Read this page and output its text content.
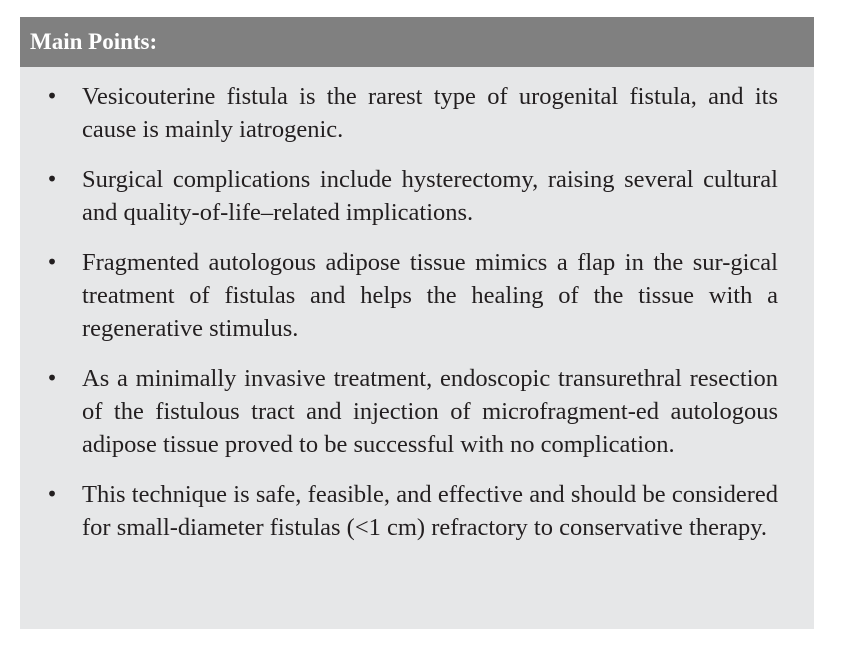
Main Points:
• Vesicouterine fistula is the rarest type of urogenital fistula, and its cause is mainly iatrogenic.
• Surgical complications include hysterectomy, raising several cultural and quality-of-life–related implications.
• Fragmented autologous adipose tissue mimics a flap in the sur-gical treatment of fistulas and helps the healing of the tissue with a regenerative stimulus.
• As a minimally invasive treatment, endoscopic transurethral resection of the fistulous tract and injection of microfragment-ed autologous adipose tissue proved to be successful with no complication.
• This technique is safe, feasible, and effective and should be considered for small-diameter fistulas (<1 cm) refractory to conservative therapy.
